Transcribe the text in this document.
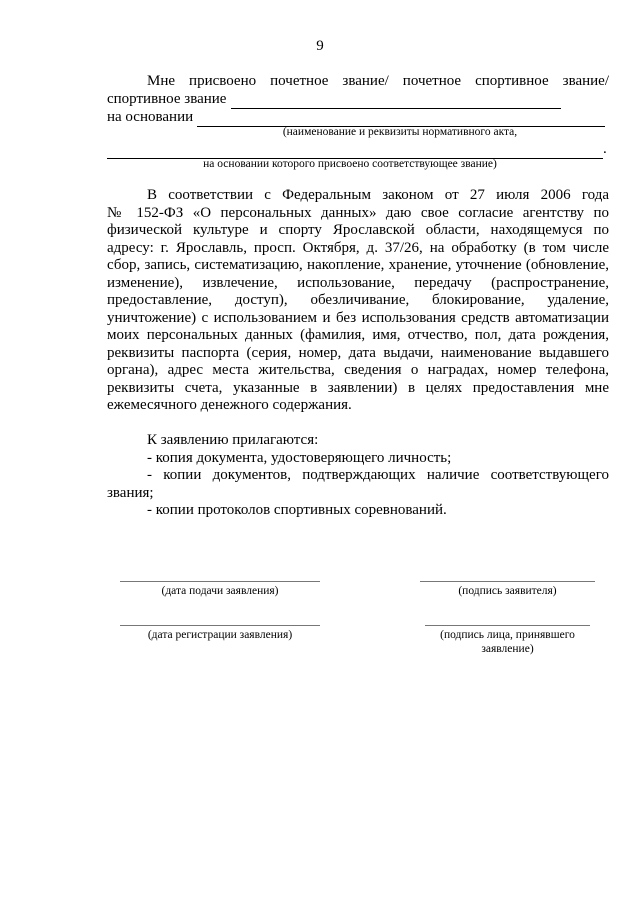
9
Мне присвоено почетное звание/ почетное спортивное звание/
спортивное звание
на основании
(наименование и реквизиты нормативного акта,
.
на основании которого присвоено соответствующее звание)
В соответствии с Федеральным законом от 27 июля 2006 года
№ 152-ФЗ «О персональных данных» даю свое согласие агентству по
физической культуре и спорту Ярославской области, находящемуся по
адресу: г. Ярославль, просп. Октября, д. 37/26, на обработку (в том числе
сбор, запись, систематизацию, накопление, хранение, уточнение (обновление,
изменение), извлечение, использование, передачу (распространение,
предоставление, доступ), обезличивание, блокирование, удаление,
уничтожение) с использованием и без использования средств автоматизации
моих персональных данных (фамилия, имя, отчество, пол, дата рождения,
реквизиты паспорта (серия, номер, дата выдачи, наименование выдавшего
органа), адрес места жительства, сведения о наградах, номер телефона,
реквизиты счета, указанные в заявлении) в целях предоставления мне
ежемесячного денежного содержания.
К заявлению прилагаются:
- копия документа, удостоверяющего личность;
- копии документов, подтверждающих наличие соответствующего
звания;
- копии протоколов спортивных соревнований.
(дата подачи заявления)	(подпись заявителя)
(дата регистрации заявления)	(подпись лица, принявшего
заявление)
